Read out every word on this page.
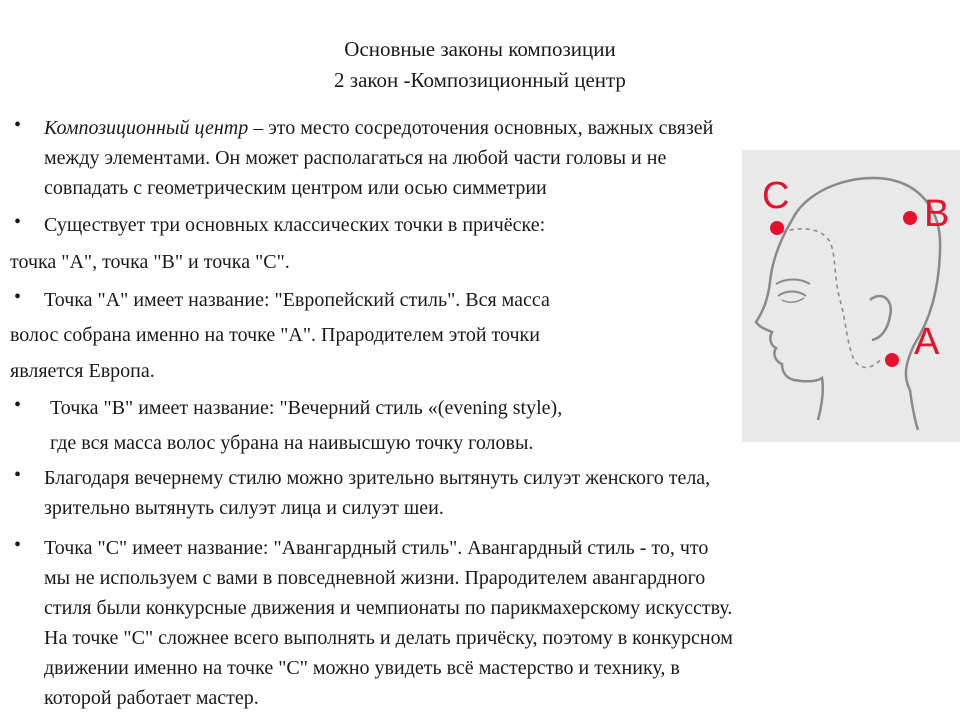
Основные законы композиции
2 закон -Композиционный центр
C	B
A
• Композиционный центр – это место сосредоточения основных, важных связей
между элементами. Он может располагаться на любой части головы и не
совпадать с геометрическим центром или осью симметрии
• Существует три основных классических точки в причёске:
точка "А", точка "В" и точка "С".
• Точка "А" имеет название: "Европейский стиль". Вся масса
волос собрана именно на точке "А". Прародителем этой точки
является Европа.
• Точка "В" имеет название: "Вечерний стиль «(evening style),
где вся масса волос убрана на наивысшую точку головы.
• Благодаря вечернему стилю можно зрительно вытянуть силуэт женского тела,
зрительно вытянуть силуэт лица и силуэт шеи.
• Точка "С" имеет название: "Авангардный стиль". Авангардный стиль - то, что
мы не используем с вами в повседневной жизни. Прародителем авангардного
стиля были конкурсные движения и чемпионаты по парикмахерскому искусству.
На точке "С" сложнее всего выполнять и делать причёску, поэтому в конкурсном
движении именно на точке "С" можно увидеть всё мастерство и технику, в
которой работает мастер.
